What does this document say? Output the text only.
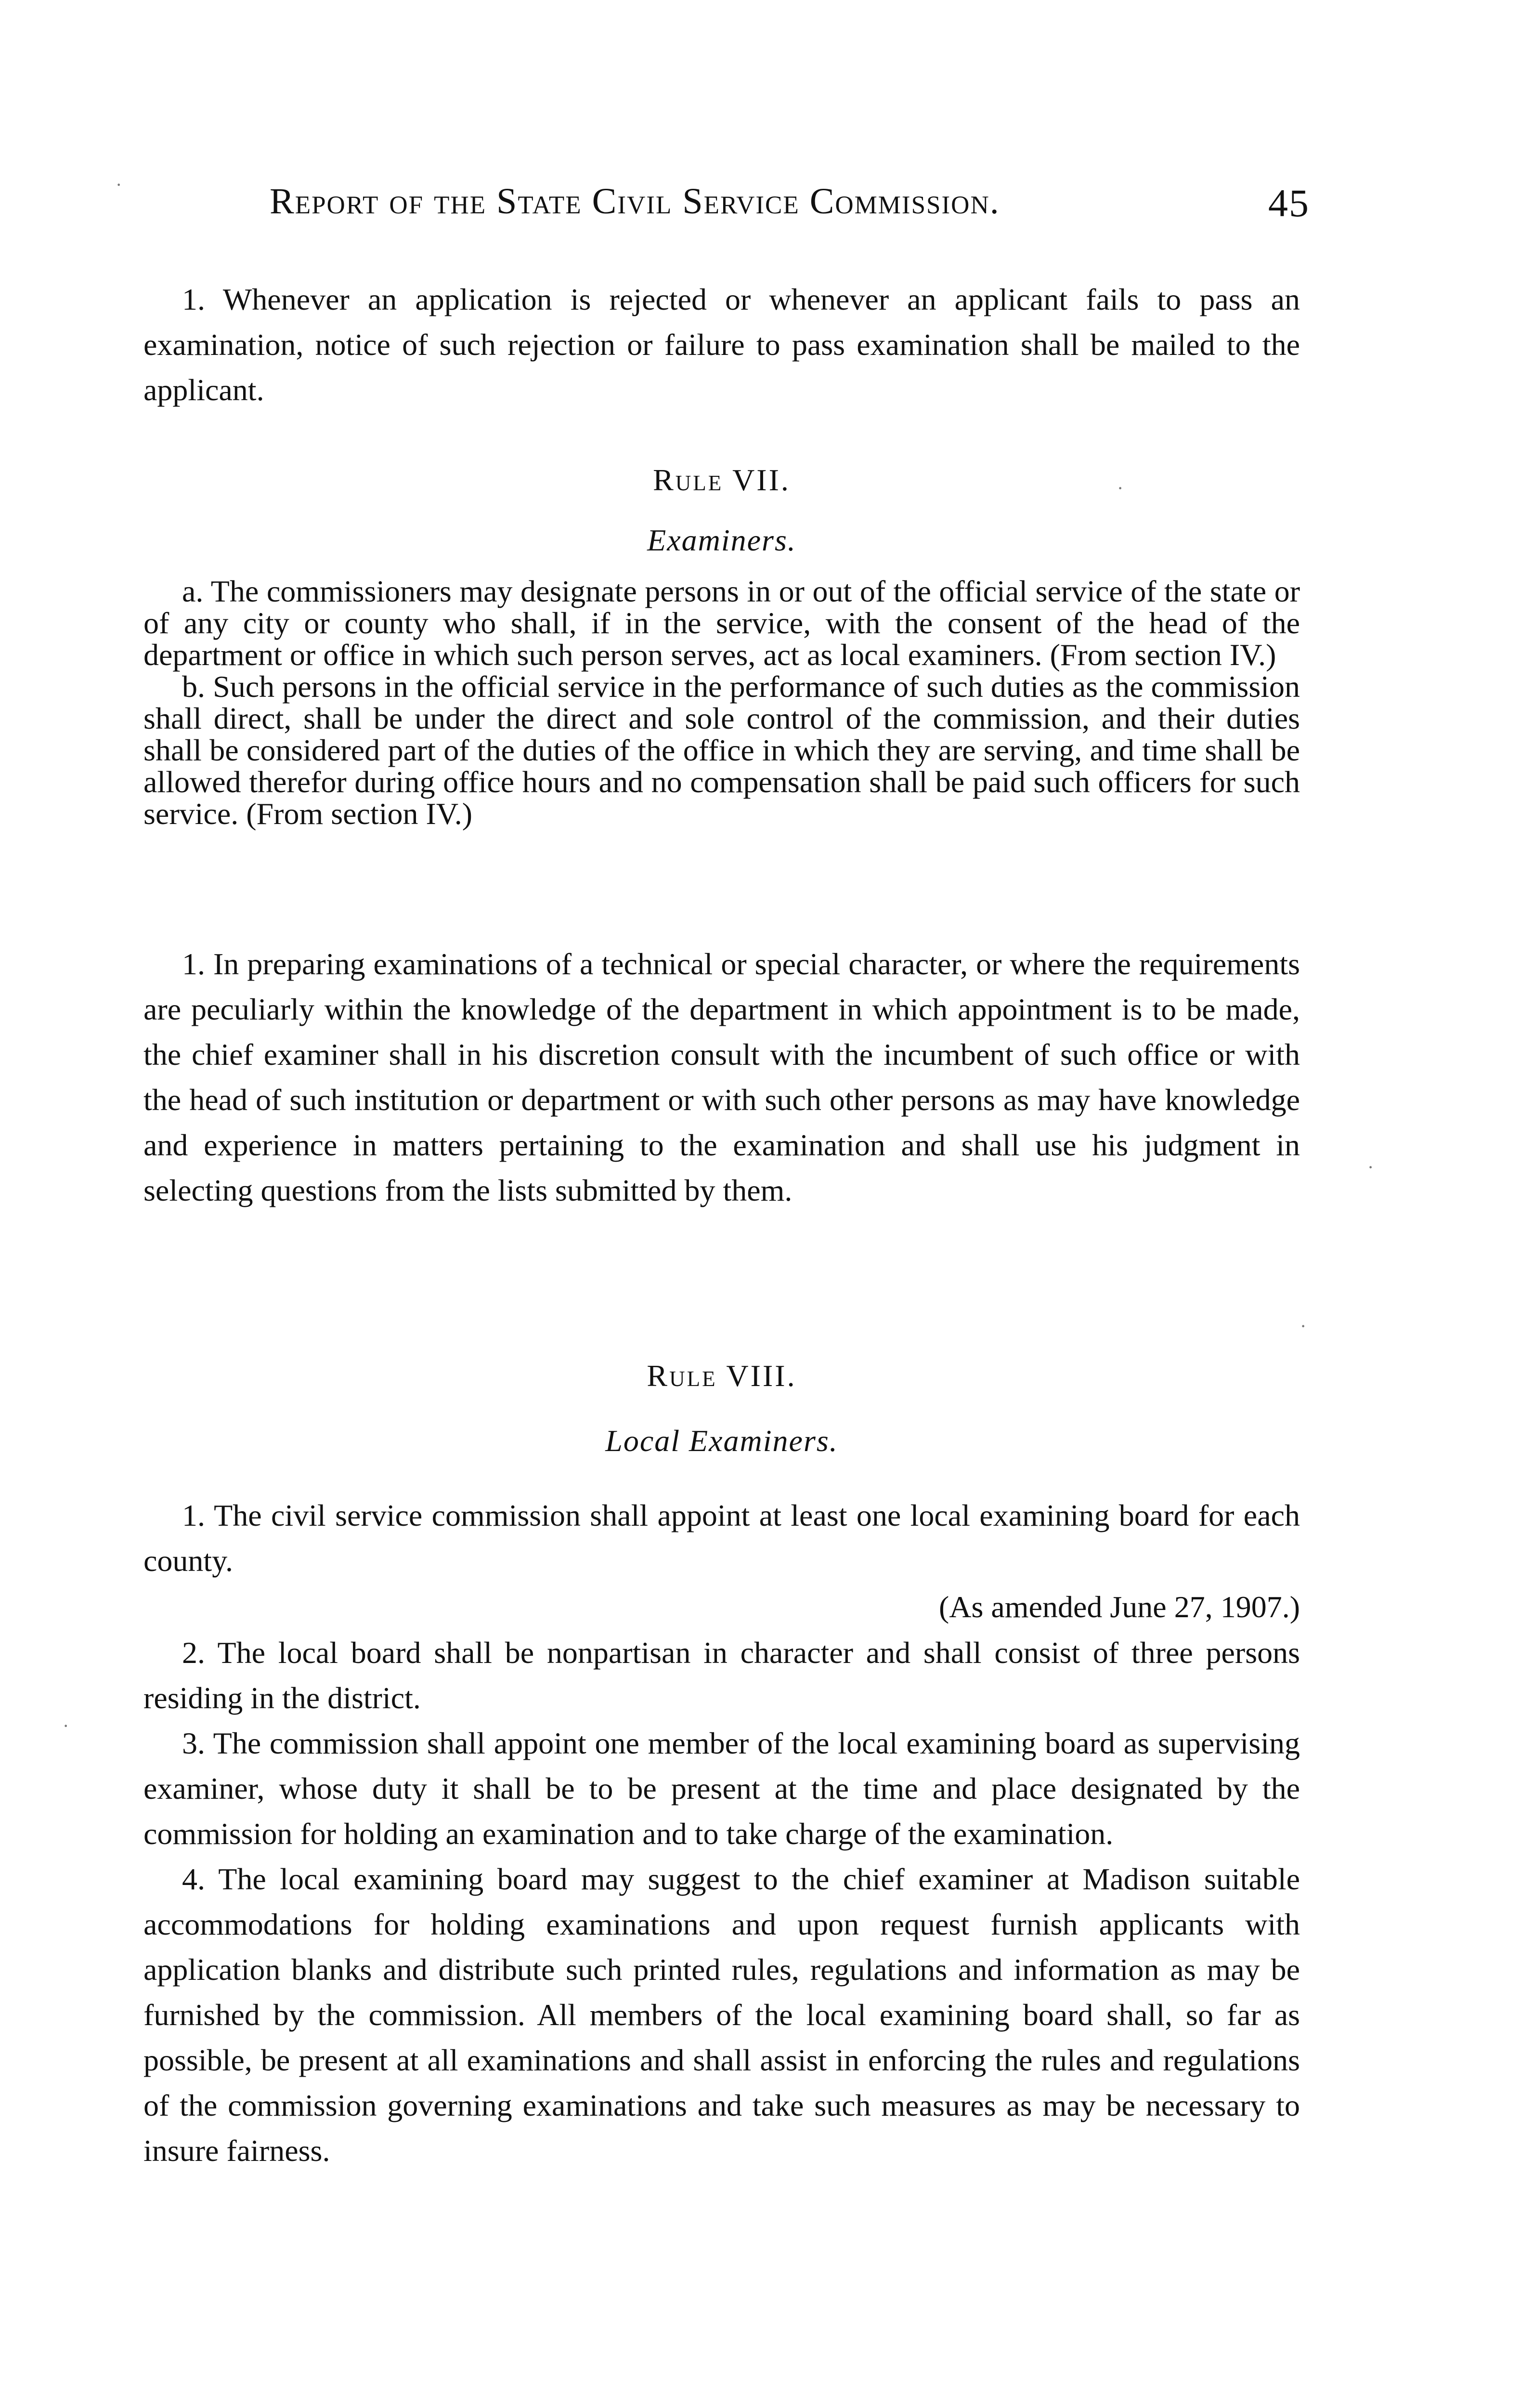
Report of the State Civil Service Commission.	45

1. Whenever an application is rejected or whenever an applicant fails to pass an examination, notice of such rejection or failure to pass examination shall be mailed to the applicant.

Rule VII.
Examiners.

a. The commissioners may designate persons in or out of the official service of the state or of any city or county who shall, if in the service, with the consent of the head of the department or office in which such person serves, act as local examiners. (From section IV.)

b. Such persons in the official service in the performance of such duties as the commission shall direct, shall be under the direct and sole control of the commission, and their duties shall be considered part of the duties of the office in which they are serving, and time shall be allowed therefor during office hours and no compensation shall be paid such officers for such service. (From section IV.)

1. In preparing examinations of a technical or special character, or where the requirements are peculiarly within the knowledge of the department in which appointment is to be made, the chief examiner shall in his discretion consult with the incumbent of such office or with the head of such institution or department or with such other persons as may have knowledge and experience in matters pertaining to the examination and shall use his judgment in selecting questions from the lists submitted by them.

Rule VIII.
Local Examiners.

1. The civil service commission shall appoint at least one local examining board for each county.

(As amended June 27, 1907.)

2. The local board shall be nonpartisan in character and shall consist of three persons residing in the district.

3. The commission shall appoint one member of the local examining board as supervising examiner, whose duty it shall be to be present at the time and place designated by the commission for holding an examination and to take charge of the examination.

4. The local examining board may suggest to the chief examiner at Madison suitable accommodations for holding examinations and upon request furnish applicants with application blanks and distribute such printed rules, regulations and information as may be furnished by the commission. All members of the local examining board shall, so far as possible, be present at all examinations and shall assist in enforcing the rules and regulations of the commission governing examinations and take such measures as may be necessary to insure fairness.

·
·
·
·
·
